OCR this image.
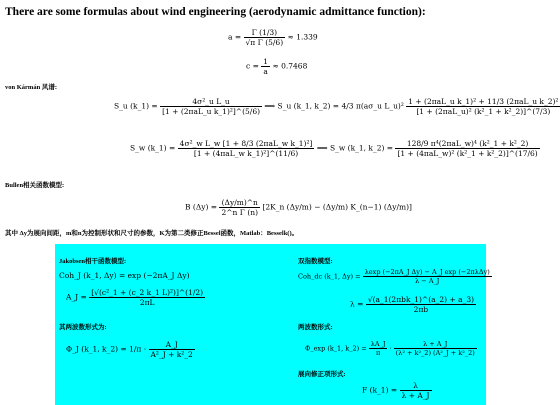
There are some formulas about wind engineering (aerodynamic admittance function):
$a = \frac{\Gamma (1/3)}{\text{√π Γ (5/6)}} \approx 1.339$
$c = \frac{1}{a} \approx 0.7468$
von Kármán 风谱:
S_u (k_1) = $\frac{\text{4σ²\_u L\_u}}{\text{[1 + (2πaL\_u k\_1)²]\textasciicircum{}(5/6)}}$ ⟹ S_u (k_1, k_2) = 4/3 π(aσ_u L_u)² $\frac{\text{1 + (2πaL\_u k\_1)² + 11/3 (2πaL\_u k\_2)²}}{\text{[1 + (2πaL\_u)² (k²\_1 + k²\_2)]\textasciicircum{}(7/3)}}$
S_w (k_1) = $\frac{\text{4σ²\_w L\_w [1 + 8/3 (2πaL\_w k\_1)²]}}{\text{[1 + (4πaL\_w k\_1)²]\textasciicircum{}(11/6)}}$ ⟹ S_w (k_1, k_2) = $\frac{\text{128/9 π⁴(2πaL\_w)⁴ (k²\_1 + k²\_2)}}{\text{[1 + (4πaL\_w)² (k²\_1 + k²\_2)]\textasciicircum{}(17/6)}}$
Bullen相关函数模型:
B $(\Delta y) = \frac{(\Delta y/m)\^{}n}{\text{2\textasciicircum{}n Γ (n)}}$ [2K_n (Δy/m) − (Δy/m) K_(n−1) (Δy/m)]
其中 Δy为展向间距，m和n为控制形状和尺寸的参数，K为第二类修正Bessel函数，Matlab：Besselk()。
Jakobsen相干函数模型:
Coh_J (k_1, Δy) = exp (−2πA_J Δy)
A_J = $\frac{\text{[√(c²\_1 + (c\_2 k\_1 L)²)]\textasciicircum{}(1/2)}}{2\pi L}$
其两波数形式为:
Φ_J (k_1, k_2) = $1/\pi \cdot \frac{A\_J}{\text{A²\_J + k²\_2}}$
双指数模型:
Coh_dc (k_1, $\Delta y) = \frac{\text{λexp (−2πA\_J Δy) − A\_J exp (−2πλΔy)}}{\lambda - A\_J}$
$\lambda = \frac{\text{√(a\_1(2πbk\_1)\textasciicircum{}(a\_2) + a\_3)}}{2\pi b}$
两波数形式:
Φ_exp (k_1, k_2) = $\frac{\lambda A\_J}{\pi} \cdot \frac{\lambda + A\_J}{\text{(λ² + k²\_2) (A²\_J + k²\_2)}}$
展向修正项形式:
F (k_1) = $\frac{\lambda}{\lambda + A\_J}$
